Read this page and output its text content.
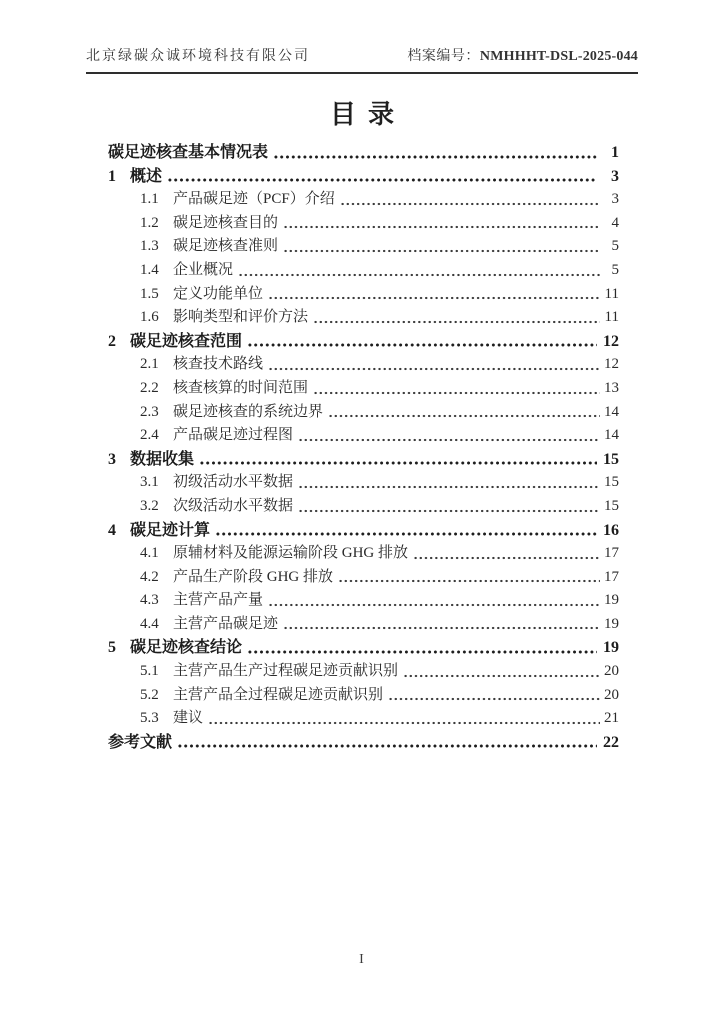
北京绿碳众诚环境科技有限公司	档案编号：NMHHHT-DSL-2025-044
目录
碳足迹核查基本情况表	1
1 概述	3
1.1 产品碳足迹（PCF）介绍	3
1.2 碳足迹核查目的	4
1.3 碳足迹核查准则	5
1.4 企业概况	5
1.5 定义功能单位	11
1.6 影响类型和评价方法	11
2 碳足迹核查范围	12
2.1 核查技术路线	12
2.2 核查核算的时间范围	13
2.3 碳足迹核查的系统边界	14
2.4 产品碳足迹过程图	14
3 数据收集	15
3.1 初级活动水平数据	15
3.2 次级活动水平数据	15
4 碳足迹计算	16
4.1 原辅材料及能源运输阶段 GHG 排放	17
4.2 产品生产阶段 GHG 排放	17
4.3 主营产品产量	19
4.4 主营产品碳足迹	19
5 碳足迹核查结论	19
5.1 主营产品生产过程碳足迹贡献识别	20
5.2 主营产品全过程碳足迹贡献识别	20
5.3 建议	21
参考文献	22
I
